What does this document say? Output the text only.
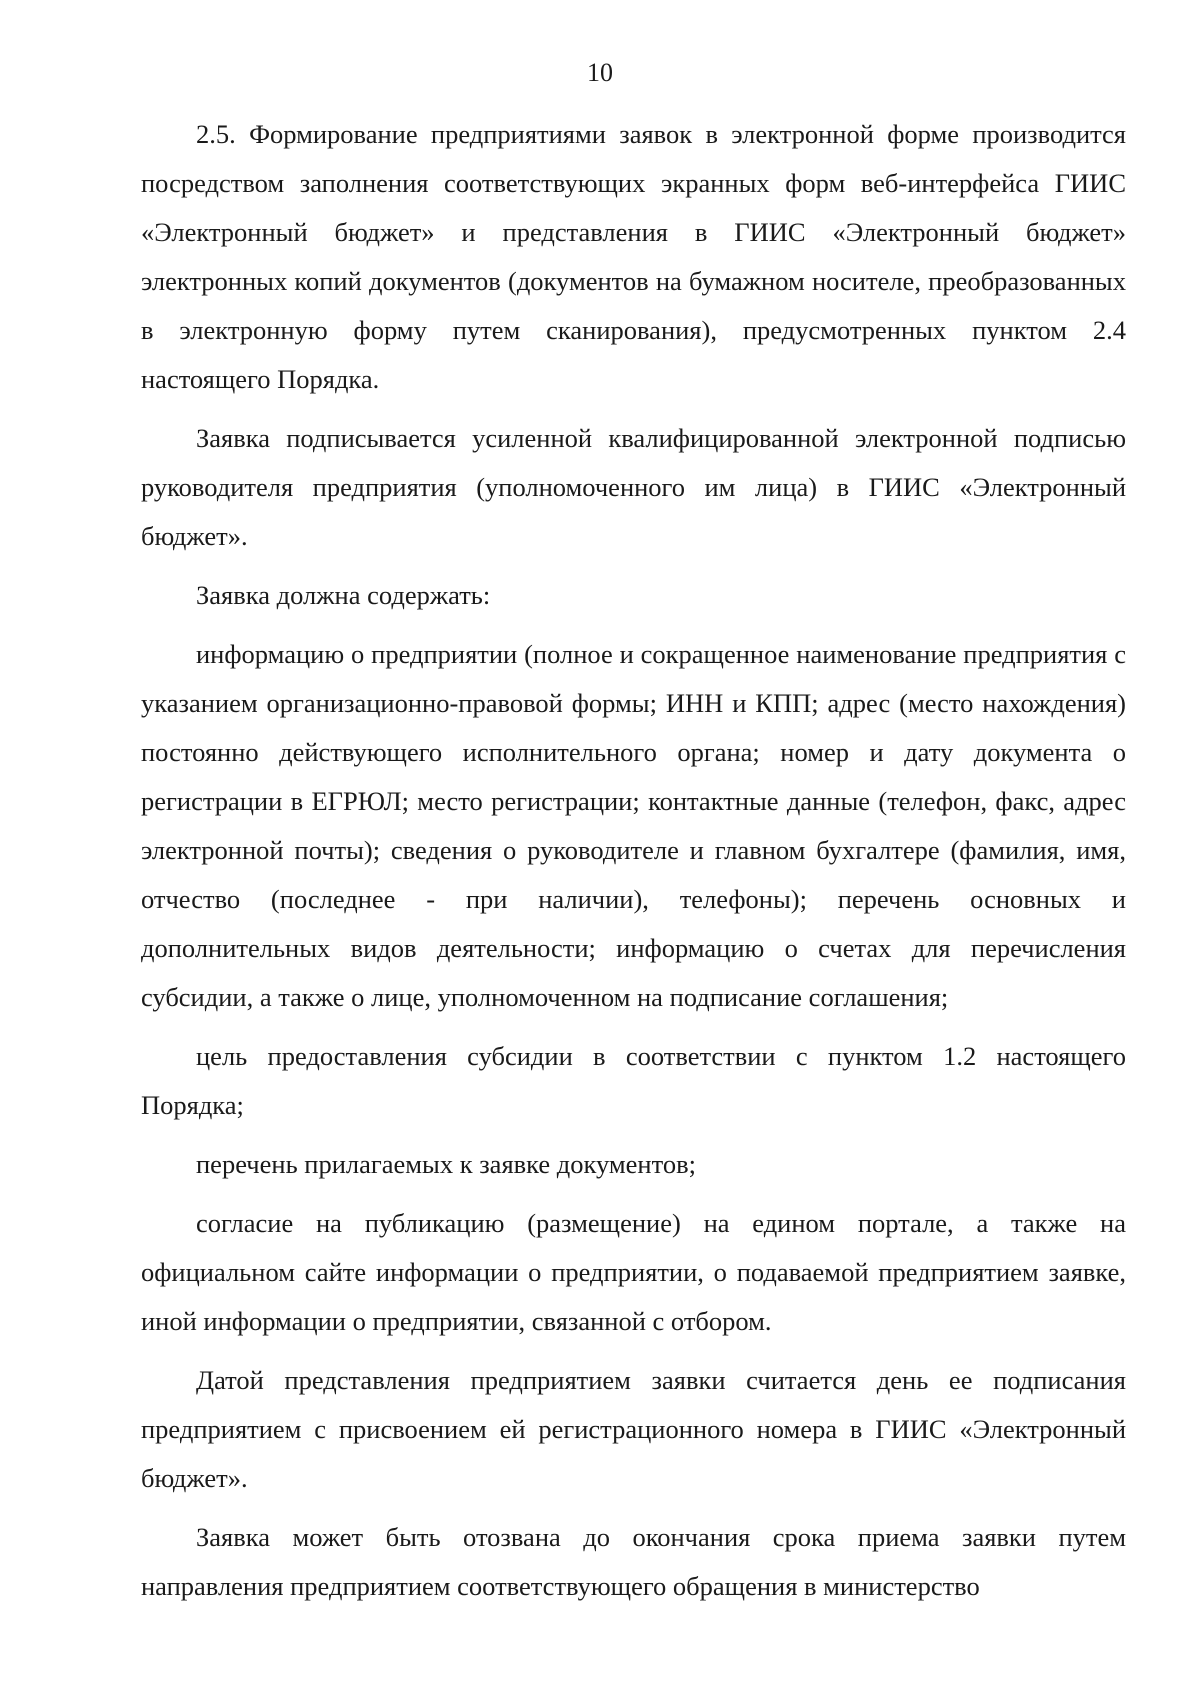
10

2.5. Формирование предприятиями заявок в электронной форме производится посредством заполнения соответствующих экранных форм веб-интерфейса ГИИС «Электронный бюджет» и представления в ГИИС «Электронный бюджет» электронных копий документов (документов на бумажном носителе, преобразованных в электронную форму путем сканирования), предусмотренных пунктом 2.4 настоящего Порядка.

Заявка подписывается усиленной квалифицированной электронной подписью руководителя предприятия (уполномоченного им лица) в ГИИС «Электронный бюджет».

Заявка должна содержать:

информацию о предприятии (полное и сокращенное наименование предприятия с указанием организационно-правовой формы; ИНН и КПП; адрес (место нахождения) постоянно действующего исполнительного органа; номер и дату документа о регистрации в ЕГРЮЛ; место регистрации; контактные данные (телефон, факс, адрес электронной почты); сведения о руководителе и главном бухгалтере (фамилия, имя, отчество (последнее - при наличии), телефоны); перечень основных и дополнительных видов деятельности; информацию о счетах для перечисления субсидии, а также о лице, уполномоченном на подписание соглашения;

цель предоставления субсидии в соответствии с пунктом 1.2 настоящего Порядка;

перечень прилагаемых к заявке документов;

согласие на публикацию (размещение) на едином портале, а также на официальном сайте информации о предприятии, о подаваемой предприятием заявке, иной информации о предприятии, связанной с отбором.

Датой представления предприятием заявки считается день ее подписания предприятием с присвоением ей регистрационного номера в ГИИС «Электронный бюджет».

Заявка может быть отозвана до окончания срока приема заявки путем направления предприятием соответствующего обращения в министерство
